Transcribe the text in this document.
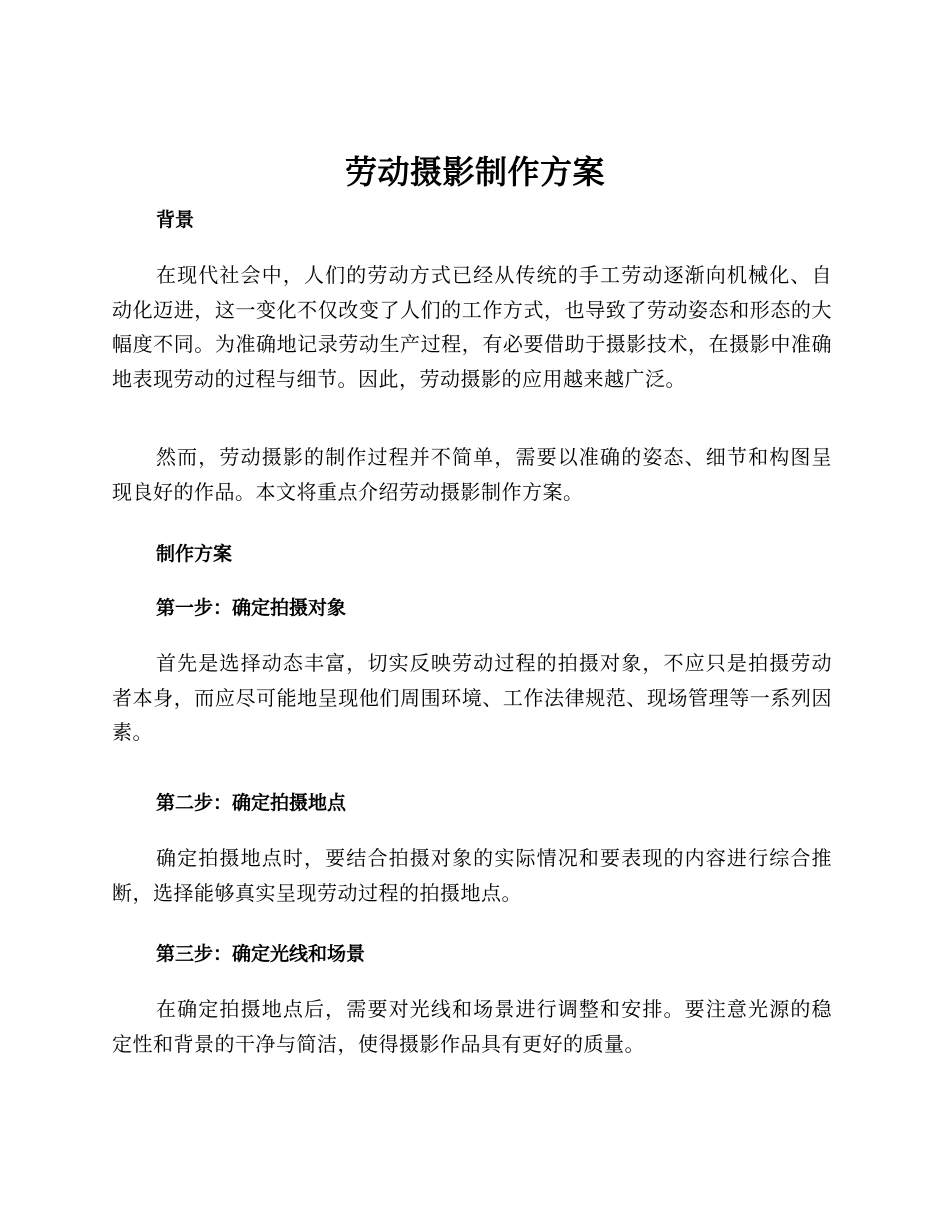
劳动摄影制作方案
背景

在现代社会中，人们的劳动方式已经从传统的手工劳动逐渐向机械化、自动化迈进，这一变化不仅改变了人们的工作方式，也导致了劳动姿态和形态的大幅度不同。为准确地记录劳动生产过程，有必要借助于摄影技术，在摄影中准确地表现劳动的过程与细节。因此，劳动摄影的应用越来越广泛。

然而，劳动摄影的制作过程并不简单，需要以准确的姿态、细节和构图呈现良好的作品。本文将重点介绍劳动摄影制作方案。

制作方案
第一步：确定拍摄对象

首先是选择动态丰富，切实反映劳动过程的拍摄对象，不应只是拍摄劳动者本身，而应尽可能地呈现他们周围环境、工作法律规范、现场管理等一系列因素。

第二步：确定拍摄地点

确定拍摄地点时，要结合拍摄对象的实际情况和要表现的内容进行综合推断，选择能够真实呈现劳动过程的拍摄地点。

第三步：确定光线和场景

在确定拍摄地点后，需要对光线和场景进行调整和安排。要注意光源的稳定性和背景的干净与简洁，使得摄影作品具有更好的质量。
